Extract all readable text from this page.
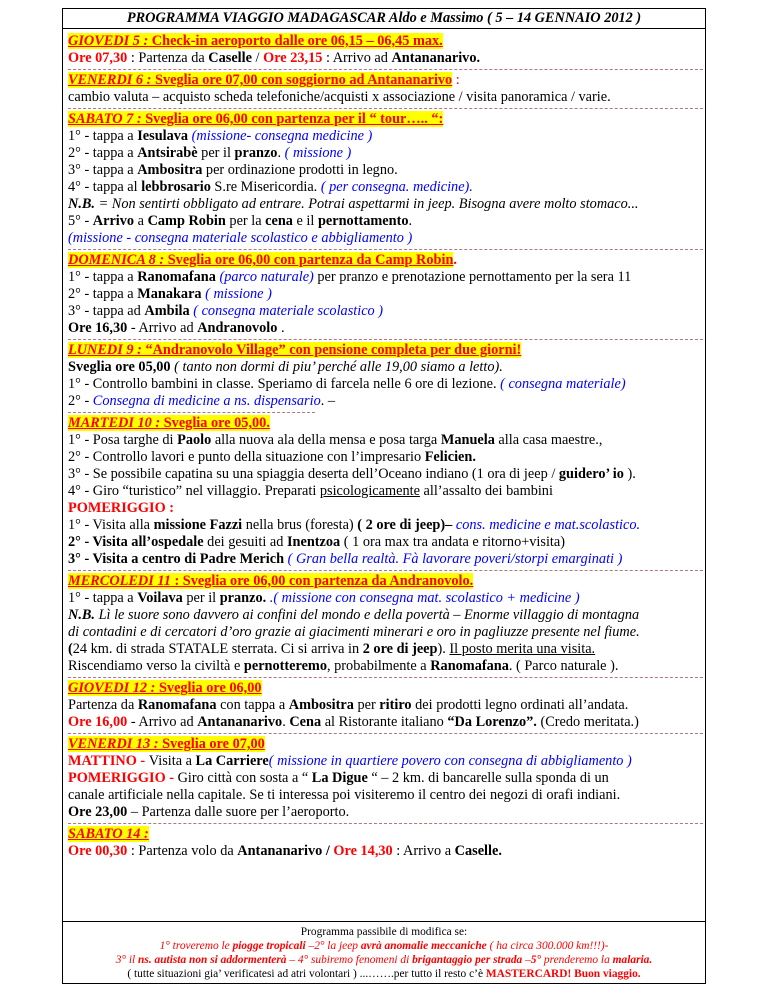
PROGRAMMA VIAGGIO MADAGASCAR Aldo e Massimo ( 5 – 14 GENNAIO 2012 )
GIOVEDI 5 : Check-in aeroporto dalle ore 06,15 – 06,45 max.
Ore 07,30 : Partenza da Caselle / Ore 23,15 : Arrivo ad Antananarivo.
VENERDI 6 : Sveglia ore 07,00 con soggiorno ad Antananarivo :
cambio valuta – acquisto scheda telefoniche/acquisti x associazione / visita panoramica / varie.
SABATO 7 : Sveglia ore 06,00 con partenza per il “ tour….. “:
1° - tappa a Iesulava (missione- consegna medicine )
2° - tappa a Antsirabè per il pranzo. ( missione )
3° - tappa a Ambositra per ordinazione prodotti in legno.
4° - tappa al lebbrosario S.re Misericordia. ( per consegna. medicine).
N.B. = Non sentirti obbligato ad entrare. Potrai aspettarmi in jeep. Bisogna avere molto stomaco...
5° - Arrivo a Camp Robin per la cena e il pernottamento.
(missione - consegna materiale scolastico e abbigliamento )
DOMENICA 8 : Sveglia ore 06,00 con partenza da Camp Robin.
1° - tappa a Ranomafana (parco naturale) per pranzo e prenotazione pernottamento per la sera 11
2° - tappa a Manakara ( missione )
3° - tappa ad Ambila ( consegna materiale scolastico )
Ore 16,30 - Arrivo ad Andranovolo .
LUNEDI 9 : “Andranovolo Village” con pensione completa per due giorni!
Sveglia ore 05,00 ( tanto non dormi di piu’ perché alle 19,00 siamo a letto).
1° - Controllo bambini in classe. Speriamo di farcela nelle 6 ore di lezione. ( consegna materiale)
2° - Consegna di medicine a ns. dispensario. –
MARTEDI 10 : Sveglia ore 05,00.
1° - Posa targhe di Paolo alla nuova ala della mensa e posa targa Manuela alla casa maestre.,
2° - Controllo lavori e punto della situazione con l’impresario Felicien.
3° - Se possibile capatina su una spiaggia deserta dell’Oceano indiano (1 ora di jeep / guidero’ io ).
4° - Giro “turistico” nel villaggio. Preparati psicologicamente all’assalto dei bambini
POMERIGGIO :
1° - Visita alla missione Fazzi nella brus (foresta) ( 2 ore di jeep)– cons. medicine e mat.scolastico.
2° - Visita all’ospedale dei gesuiti ad Inentzoa ( 1 ora max tra andata e ritorno+visita)
3° - Visita a centro di Padre Merich ( Gran bella realtà. Fà lavorare poveri/storpi emarginati )
MERCOLEDI 11 : Sveglia ore 06,00 con partenza da Andranovolo.
1° - tappa a Voilava per il pranzo. .( missione con consegna mat. scolastico + medicine )
N.B. Lì le suore sono davvero ai confini del mondo e della povertà – Enorme villaggio di montagna
di contadini e di cercatori d’oro grazie ai giacimenti minerari e oro in pagliuzze presente nel fiume.
(24 km. di strada STATALE sterrata. Ci si arriva in 2 ore di jeep). Il posto merita una visita.
Riscendiamo verso la civiltà e pernotteremo, probabilmente a Ranomafana. ( Parco naturale ).
GIOVEDI 12 : Sveglia ore 06,00
Partenza da Ranomafana con tappa a Ambositra per ritiro dei prodotti legno ordinati all’andata.
Ore 16,00 - Arrivo ad Antananarivo. Cena al Ristorante italiano “Da Lorenzo”. (Credo meritata.)
VENERDI 13 : Sveglia ore 07,00
MATTINO - Visita a La Carriere( missione in quartiere povero con consegna di abbigliamento )
POMERIGGIO - Giro città con sosta a “ La Digue “ – 2 km. di bancarelle sulla sponda di un
canale artificiale nella capitale. Se ti interessa poi visiteremo il centro dei negozi di orafi indiani.
Ore 23,00 – Partenza dalle suore per l’aeroporto.
SABATO 14 :
Ore 00,30 : Partenza volo da Antananarivo / Ore 14,30 : Arrivo a Caselle.
Programma passibile di modifica se:
1° troveremo le piogge tropicali –2° la jeep avrà anomalie meccaniche ( ha circa 300.000 km!!!)-
3° il ns. autista non si addormenterà – 4° subiremo fenomeni di brigantaggio per strada –5° prenderemo la malaria.
( tutte situazioni gia’ verificatesi ad atri volontari ) ...…….per tutto il resto c’è MASTERCARD! Buon viaggio.
